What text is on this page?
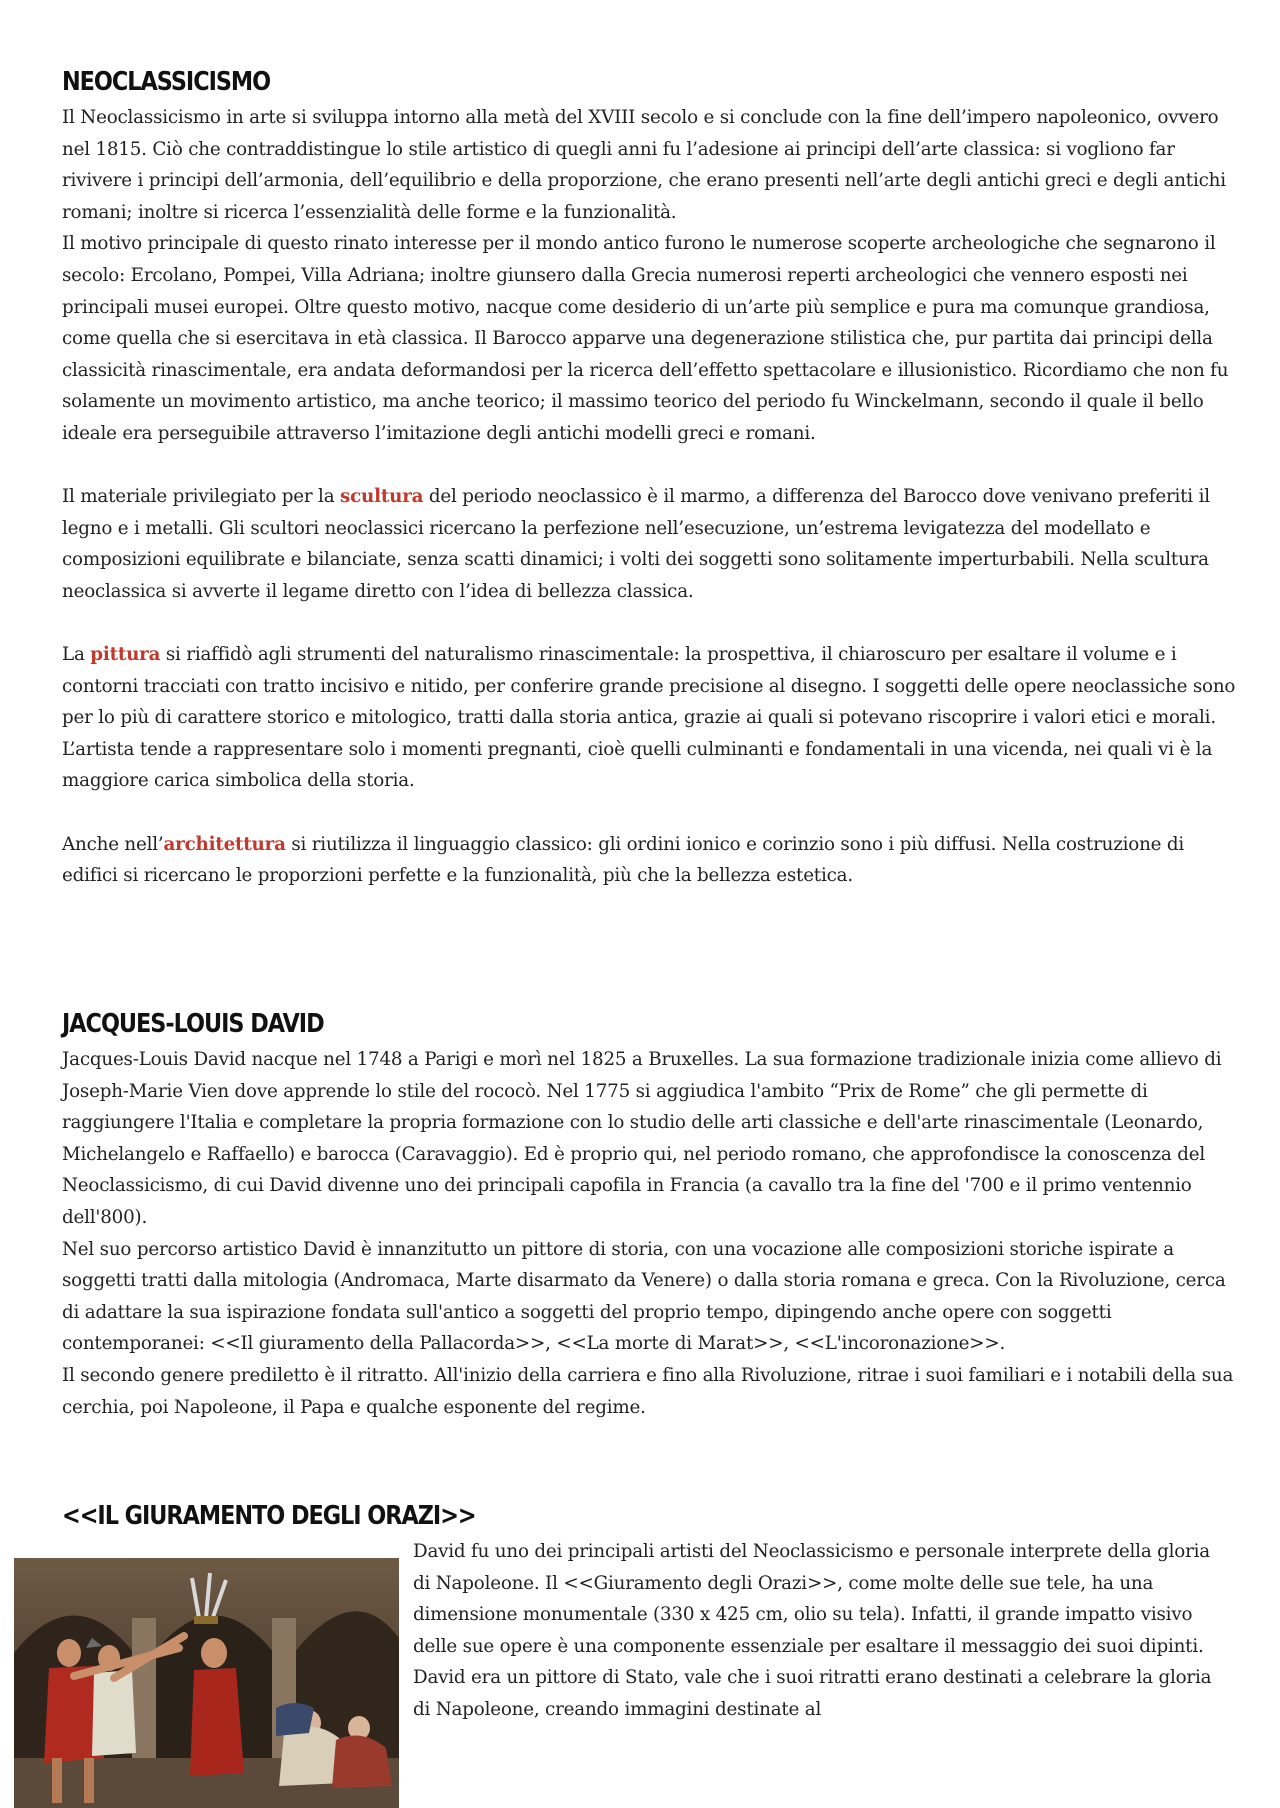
NEOCLASSICISMO

Il Neoclassicismo in arte si sviluppa intorno alla metà del XVIII secolo e si conclude con la fine dell’impero napoleonico, ovvero nel 1815. Ciò che contraddistingue lo stile artistico di quegli anni fu l’adesione ai principi dell’arte classica: si vogliono far rivivere i principi dell’armonia, dell’equilibrio e della proporzione, che erano presenti nell’arte degli antichi greci e degli antichi romani; inoltre si ricerca l’essenzialità delle forme e la funzionalità.

Il motivo principale di questo rinato interesse per il mondo antico furono le numerose scoperte archeologiche che segnarono il secolo: Ercolano, Pompei, Villa Adriana; inoltre giunsero dalla Grecia numerosi reperti archeologici che vennero esposti nei principali musei europei. Oltre questo motivo, nacque come desiderio di un’arte più semplice e pura ma comunque grandiosa, come quella che si esercitava in età classica. Il Barocco apparve una degenerazione stilistica che, pur partita dai principi della classicità rinascimentale, era andata deformandosi per la ricerca dell’effetto spettacolare e illusionistico. Ricordiamo che non fu solamente un movimento artistico, ma anche teorico; il massimo teorico del periodo fu Winckelmann, secondo il quale il bello ideale era perseguibile attraverso l’imitazione degli antichi modelli greci e romani.

Il materiale privilegiato per la scultura del periodo neoclassico è il marmo, a differenza del Barocco dove venivano preferiti il legno e i metalli. Gli scultori neoclassici ricercano la perfezione nell’esecuzione, un’estrema levigatezza del modellato e composizioni equilibrate e bilanciate, senza scatti dinamici; i volti dei soggetti sono solitamente imperturbabili. Nella scultura neoclassica si avverte il legame diretto con l’idea di bellezza classica.

La pittura si riaffidò agli strumenti del naturalismo rinascimentale: la prospettiva, il chiaroscuro per esaltare il volume e i contorni tracciati con tratto incisivo e nitido, per conferire grande precisione al disegno. I soggetti delle opere neoclassiche sono per lo più di carattere storico e mitologico, tratti dalla storia antica, grazie ai quali si potevano riscoprire i valori etici e morali. L’artista tende a rappresentare solo i momenti pregnanti, cioè quelli culminanti e fondamentali in una vicenda, nei quali vi è la maggiore carica simbolica della storia.

Anche nell’architettura si riutilizza il linguaggio classico: gli ordini ionico e corinzio sono i più diffusi. Nella costruzione di edifici si ricercano le proporzioni perfette e la funzionalità, più che la bellezza estetica.

JACQUES-LOUIS DAVID

Jacques-Louis David nacque nel 1748 a Parigi e morì nel 1825 a Bruxelles. La sua formazione tradizionale inizia come allievo di Joseph-Marie Vien dove apprende lo stile del rococò. Nel 1775 si aggiudica l'ambito “Prix de Rome” che gli permette di raggiungere l'Italia e completare la propria formazione con lo studio delle arti classiche e dell'arte rinascimentale (Leonardo, Michelangelo e Raffaello) e barocca (Caravaggio). Ed è proprio qui, nel periodo romano, che approfondisce la conoscenza del Neoclassicismo, di cui David divenne uno dei principali capofila in Francia (a cavallo tra la fine del '700 e il primo ventennio dell'800).

Nel suo percorso artistico David è innanzitutto un pittore di storia, con una vocazione alle composizioni storiche ispirate a soggetti tratti dalla mitologia (Andromaca, Marte disarmato da Venere) o dalla storia romana e greca. Con la Rivoluzione, cerca di adattare la sua ispirazione fondata sull'antico a soggetti del proprio tempo, dipingendo anche opere con soggetti contemporanei: <<Il giuramento della Pallacorda>>, <<La morte di Marat>>, <<L'incoronazione>>.

Il secondo genere prediletto è il ritratto. All'inizio della carriera e fino alla Rivoluzione, ritrae i suoi familiari e i notabili della sua cerchia, poi Napoleone, il Papa e qualche esponente del regime.

<<IL GIURAMENTO DEGLI ORAZI>>

David fu uno dei principali artisti del Neoclassicismo e personale interprete della gloria di Napoleone. Il <<Giuramento degli Orazi>>, come molte delle sue tele, ha una dimensione monumentale (330 x 425 cm, olio su tela). Infatti, il grande impatto visivo delle sue opere è una componente essenziale per esaltare il messaggio dei suoi dipinti. David era un pittore di Stato, vale che i suoi ritratti erano destinati a celebrare la gloria di Napoleone, creando immagini destinate al
